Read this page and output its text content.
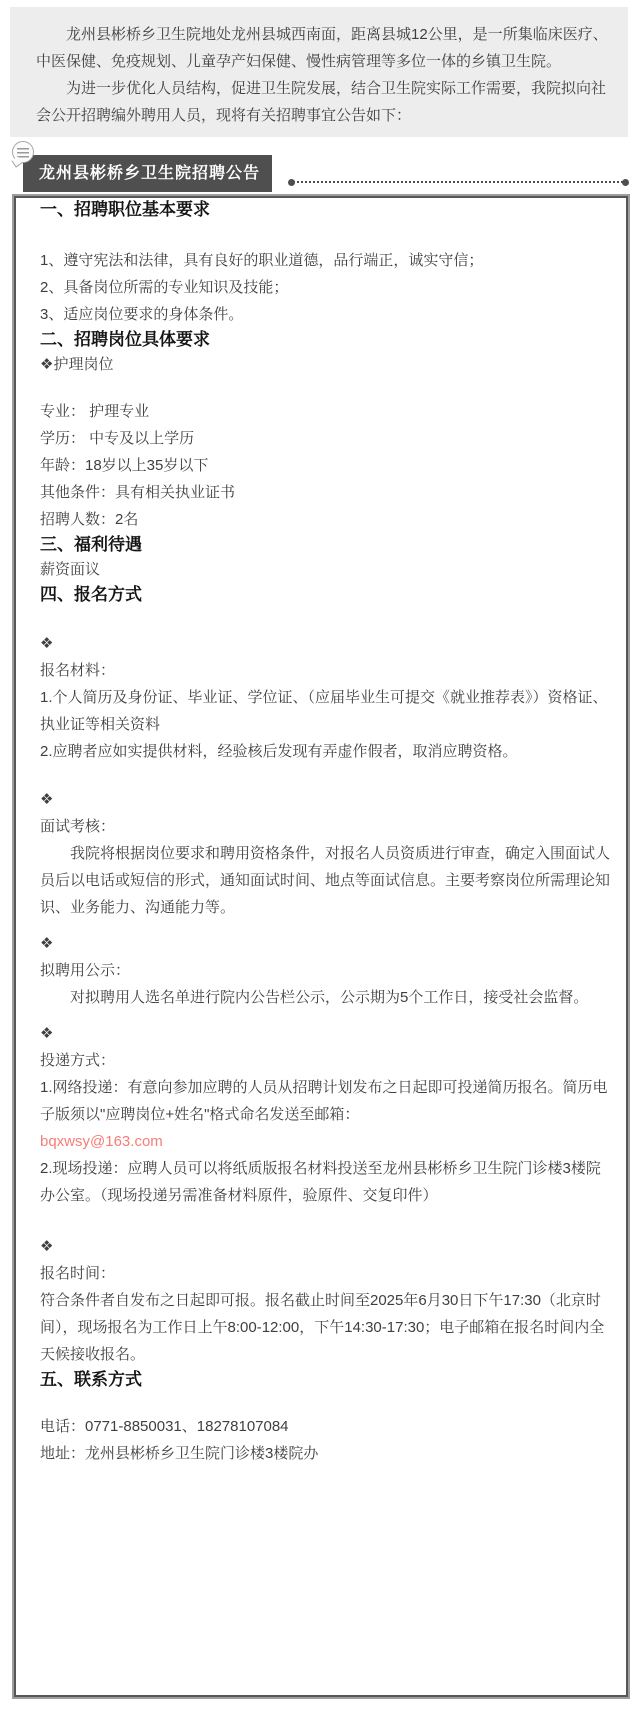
龙州县彬桥乡卫生院地处龙州县城西南面，距离县城12公里，是一所集临床医疗、中医保健、免疫规划、儿童孕产妇保健、慢性病管理等多位一体的乡镇卫生院。

为进一步优化人员结构，促进卫生院发展，结合卫生院实际工作需要，我院拟向社会公开招聘编外聘用人员，现将有关招聘事宜公告如下：

龙州县彬桥乡卫生院招聘公告
一、招聘职位基本要求

1、遵守宪法和法律，具有良好的职业道德，品行端正，诚实守信；

2、具备岗位所需的专业知识及技能；

3、适应岗位要求的身体条件。

二、招聘岗位具体要求

❖护理岗位

专业： 护理专业

学历： 中专及以上学历

年龄：18岁以上35岁以下

其他条件：具有相关执业证书

招聘人数：2名

三、福利待遇

薪资面议

四、报名方式

❖

报名材料：

1.个人简历及身份证、毕业证、学位证、（应届毕业生可提交《就业推荐表》）资格证、执业证等相关资料

2.应聘者应如实提供材料，经验核后发现有弄虚作假者，取消应聘资格。

❖

面试考核：

我院将根据岗位要求和聘用资格条件，对报名人员资质进行审查，确定入围面试人员后以电话或短信的形式，通知面试时间、地点等面试信息。主要考察岗位所需理论知识、业务能力、沟通能力等。

❖

拟聘用公示：

对拟聘用人选名单进行院内公告栏公示，公示期为5个工作日，接受社会监督。

❖

投递方式：

1.网络投递：有意向参加应聘的人员从招聘计划发布之日起即可投递简历报名。简历电子版须以"应聘岗位+姓名"格式命名发送至邮箱：

bqxwsy@163.com

2.现场投递：应聘人员可以将纸质版报名材料投送至龙州县彬桥乡卫生院门诊楼3楼院办公室。（现场投递另需准备材料原件，验原件、交复印件）

❖

报名时间：

符合条件者自发布之日起即可报。报名截止时间至2025年6月30日下午17:30（北京时间），现场报名为工作日上午8:00-12:00，下午14:30-17:30；电子邮箱在报名时间内全天候接收报名。

五、联系方式

电话：0771-8850031、18278107084

地址：龙州县彬桥乡卫生院门诊楼3楼院办
